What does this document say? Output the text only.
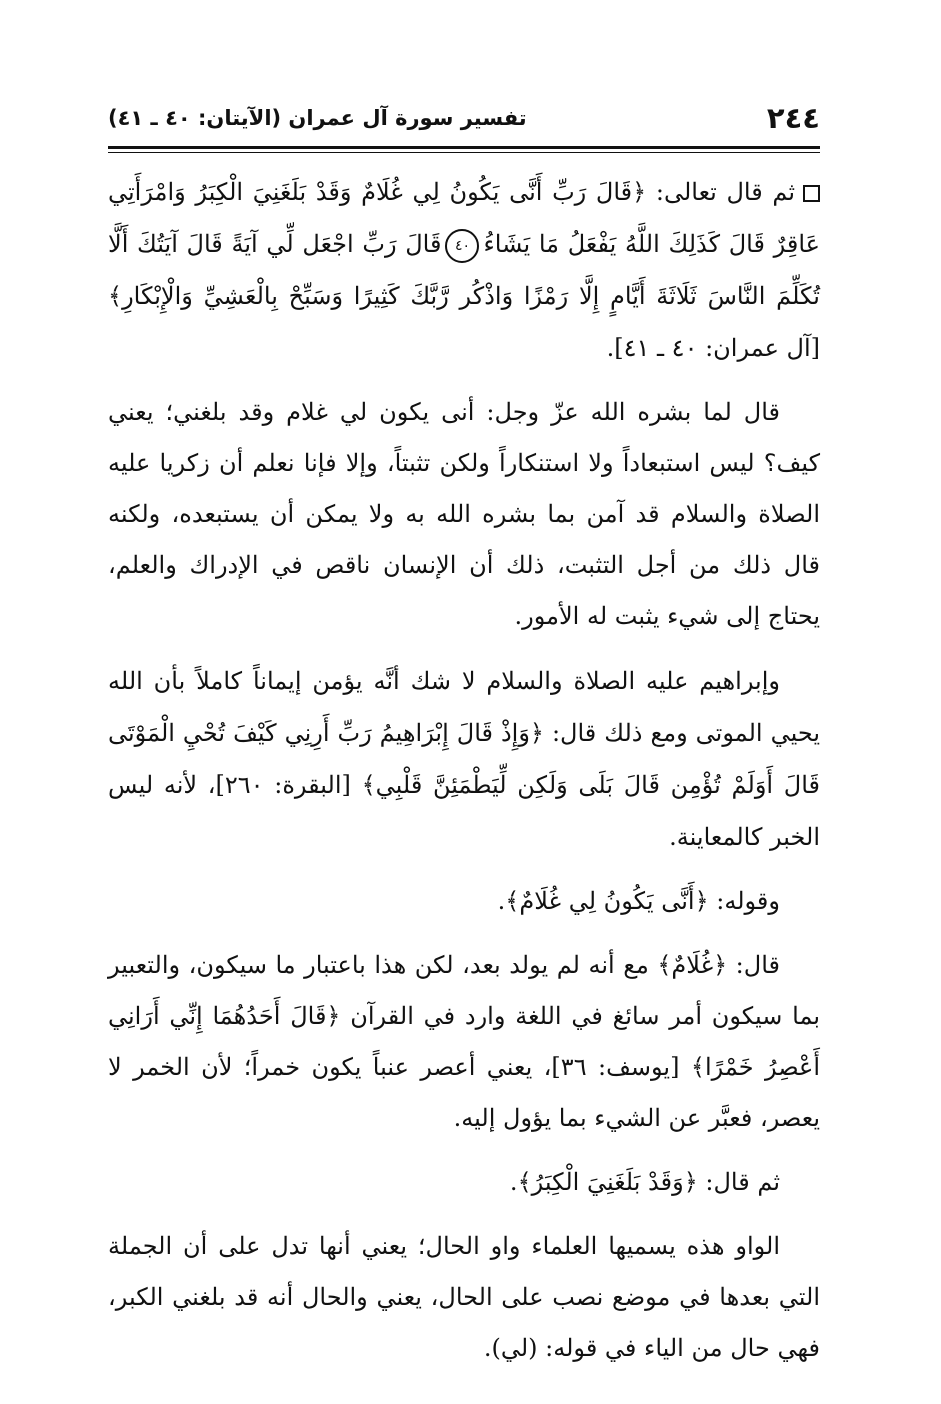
٢٤٤
تفسير سورة آل عمران (الآيتان: ٤٠ ـ ٤١)

ثم قال تعالى: ﴿قَالَ رَبِّ أَنَّى يَكُونُ لِي غُلَامٌ وَقَدْ بَلَغَنِيَ الْكِبَرُ وَامْرَأَتِي عَاقِرٌ قَالَ كَذَلِكَ اللَّهُ يَفْعَلُ مَا يَشَاءُ٤٠قَالَ رَبِّ اجْعَل لِّي آيَةً قَالَ آيَتُكَ أَلَّا تُكَلِّمَ النَّاسَ ثَلَاثَةَ أَيَّامٍ إِلَّا رَمْزًا وَاذْكُر رَّبَّكَ كَثِيرًا وَسَبِّحْ بِالْعَشِيِّ وَالْإِبْكَارِ﴾ [آل عمران: ٤٠ ـ ٤١].

قال لما بشره الله عزّ وجل: أنى يكون لي غلام وقد بلغني؛ يعني كيف؟ ليس استبعاداً ولا استنكاراً ولكن تثبتاً، وإلا فإنا نعلم أن زكريا عليه الصلاة والسلام قد آمن بما بشره الله به ولا يمكن أن يستبعده، ولكنه قال ذلك من أجل التثبت، ذلك أن الإنسان ناقص في الإدراك والعلم، يحتاج إلى شيء يثبت له الأمور.

وإبراهيم عليه الصلاة والسلام لا شك أنَّه يؤمن إيماناً كاملاً بأن الله يحيي الموتى ومع ذلك قال: ﴿وَإِذْ قَالَ إِبْرَاهِيمُ رَبِّ أَرِنِي كَيْفَ تُحْيِ الْمَوْتَى قَالَ أَوَلَمْ تُؤْمِن قَالَ بَلَى وَلَكِن لِّيَطْمَئِنَّ قَلْبِي﴾ [البقرة: ٢٦٠]، لأنه ليس الخبر كالمعاينة.

وقوله: ﴿أَنَّى يَكُونُ لِي غُلَامٌ﴾.

قال: ﴿غُلَامٌ﴾ مع أنه لم يولد بعد، لكن هذا باعتبار ما سيكون، والتعبير بما سيكون أمر سائغ في اللغة وارد في القرآن ﴿قَالَ أَحَدُهُمَا إِنِّي أَرَانِي أَعْصِرُ خَمْرًا﴾ [يوسف: ٣٦]، يعني أعصر عنباً يكون خمراً؛ لأن الخمر لا يعصر، فعبَّر عن الشيء بما يؤول إليه.

ثم قال: ﴿وَقَدْ بَلَغَنِيَ الْكِبَرُ﴾.

الواو هذه يسميها العلماء واو الحال؛ يعني أنها تدل على أن الجملة التي بعدها في موضع نصب على الحال، يعني والحال أنه قد بلغني الكبر، فهي حال من الياء في قوله: (لي).
